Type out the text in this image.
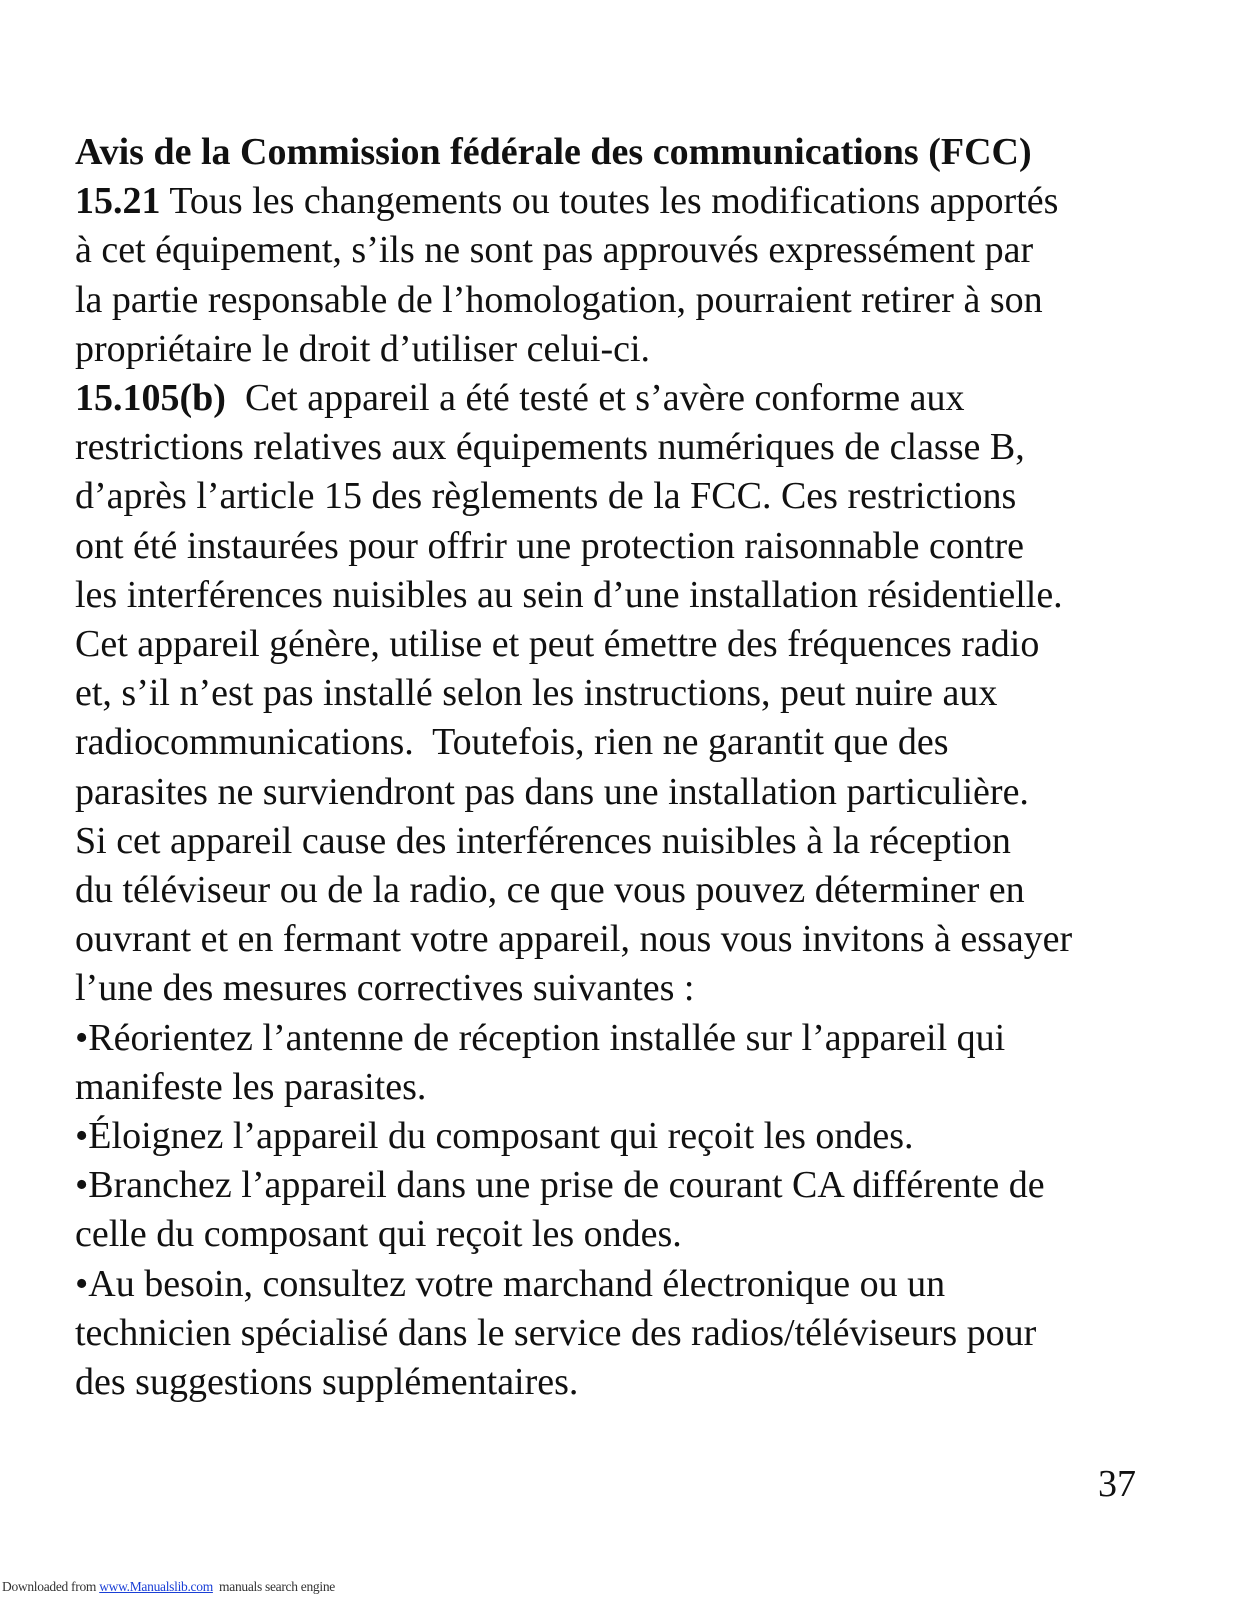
Avis de la Commission fédérale des communications (FCC)
15.21 Tous les changements ou toutes les modifications apportés
à cet équipement, s’ils ne sont pas approuvés expressément par
la partie responsable de l’homologation, pourraient retirer à son
propriétaire le droit d’utiliser celui-ci.
15.105(b)  Cet appareil a été testé et s’avère conforme aux
restrictions relatives aux équipements numériques de classe B,
d’après l’article 15 des règlements de la FCC. Ces restrictions
ont été instaurées pour offrir une protection raisonnable contre
les interférences nuisibles au sein d’une installation résidentielle.
Cet appareil génère, utilise et peut émettre des fréquences radio
et, s’il n’est pas installé selon les instructions, peut nuire aux
radiocommunications.  Toutefois, rien ne garantit que des
parasites ne surviendront pas dans une installation particulière.
Si cet appareil cause des interférences nuisibles à la réception
du téléviseur ou de la radio, ce que vous pouvez déterminer en
ouvrant et en fermant votre appareil, nous vous invitons à essayer
l’une des mesures correctives suivantes :
•Réorientez l’antenne de réception installée sur l’appareil qui
manifeste les parasites.
•Éloignez l’appareil du composant qui reçoit les ondes.
•Branchez l’appareil dans une prise de courant CA différente de
celle du composant qui reçoit les ondes.
•Au besoin, consultez votre marchand électronique ou un
technicien spécialisé dans le service des radios/téléviseurs pour
des suggestions supplémentaires.
37
Downloaded from www.Manualslib.com  manuals search engine
